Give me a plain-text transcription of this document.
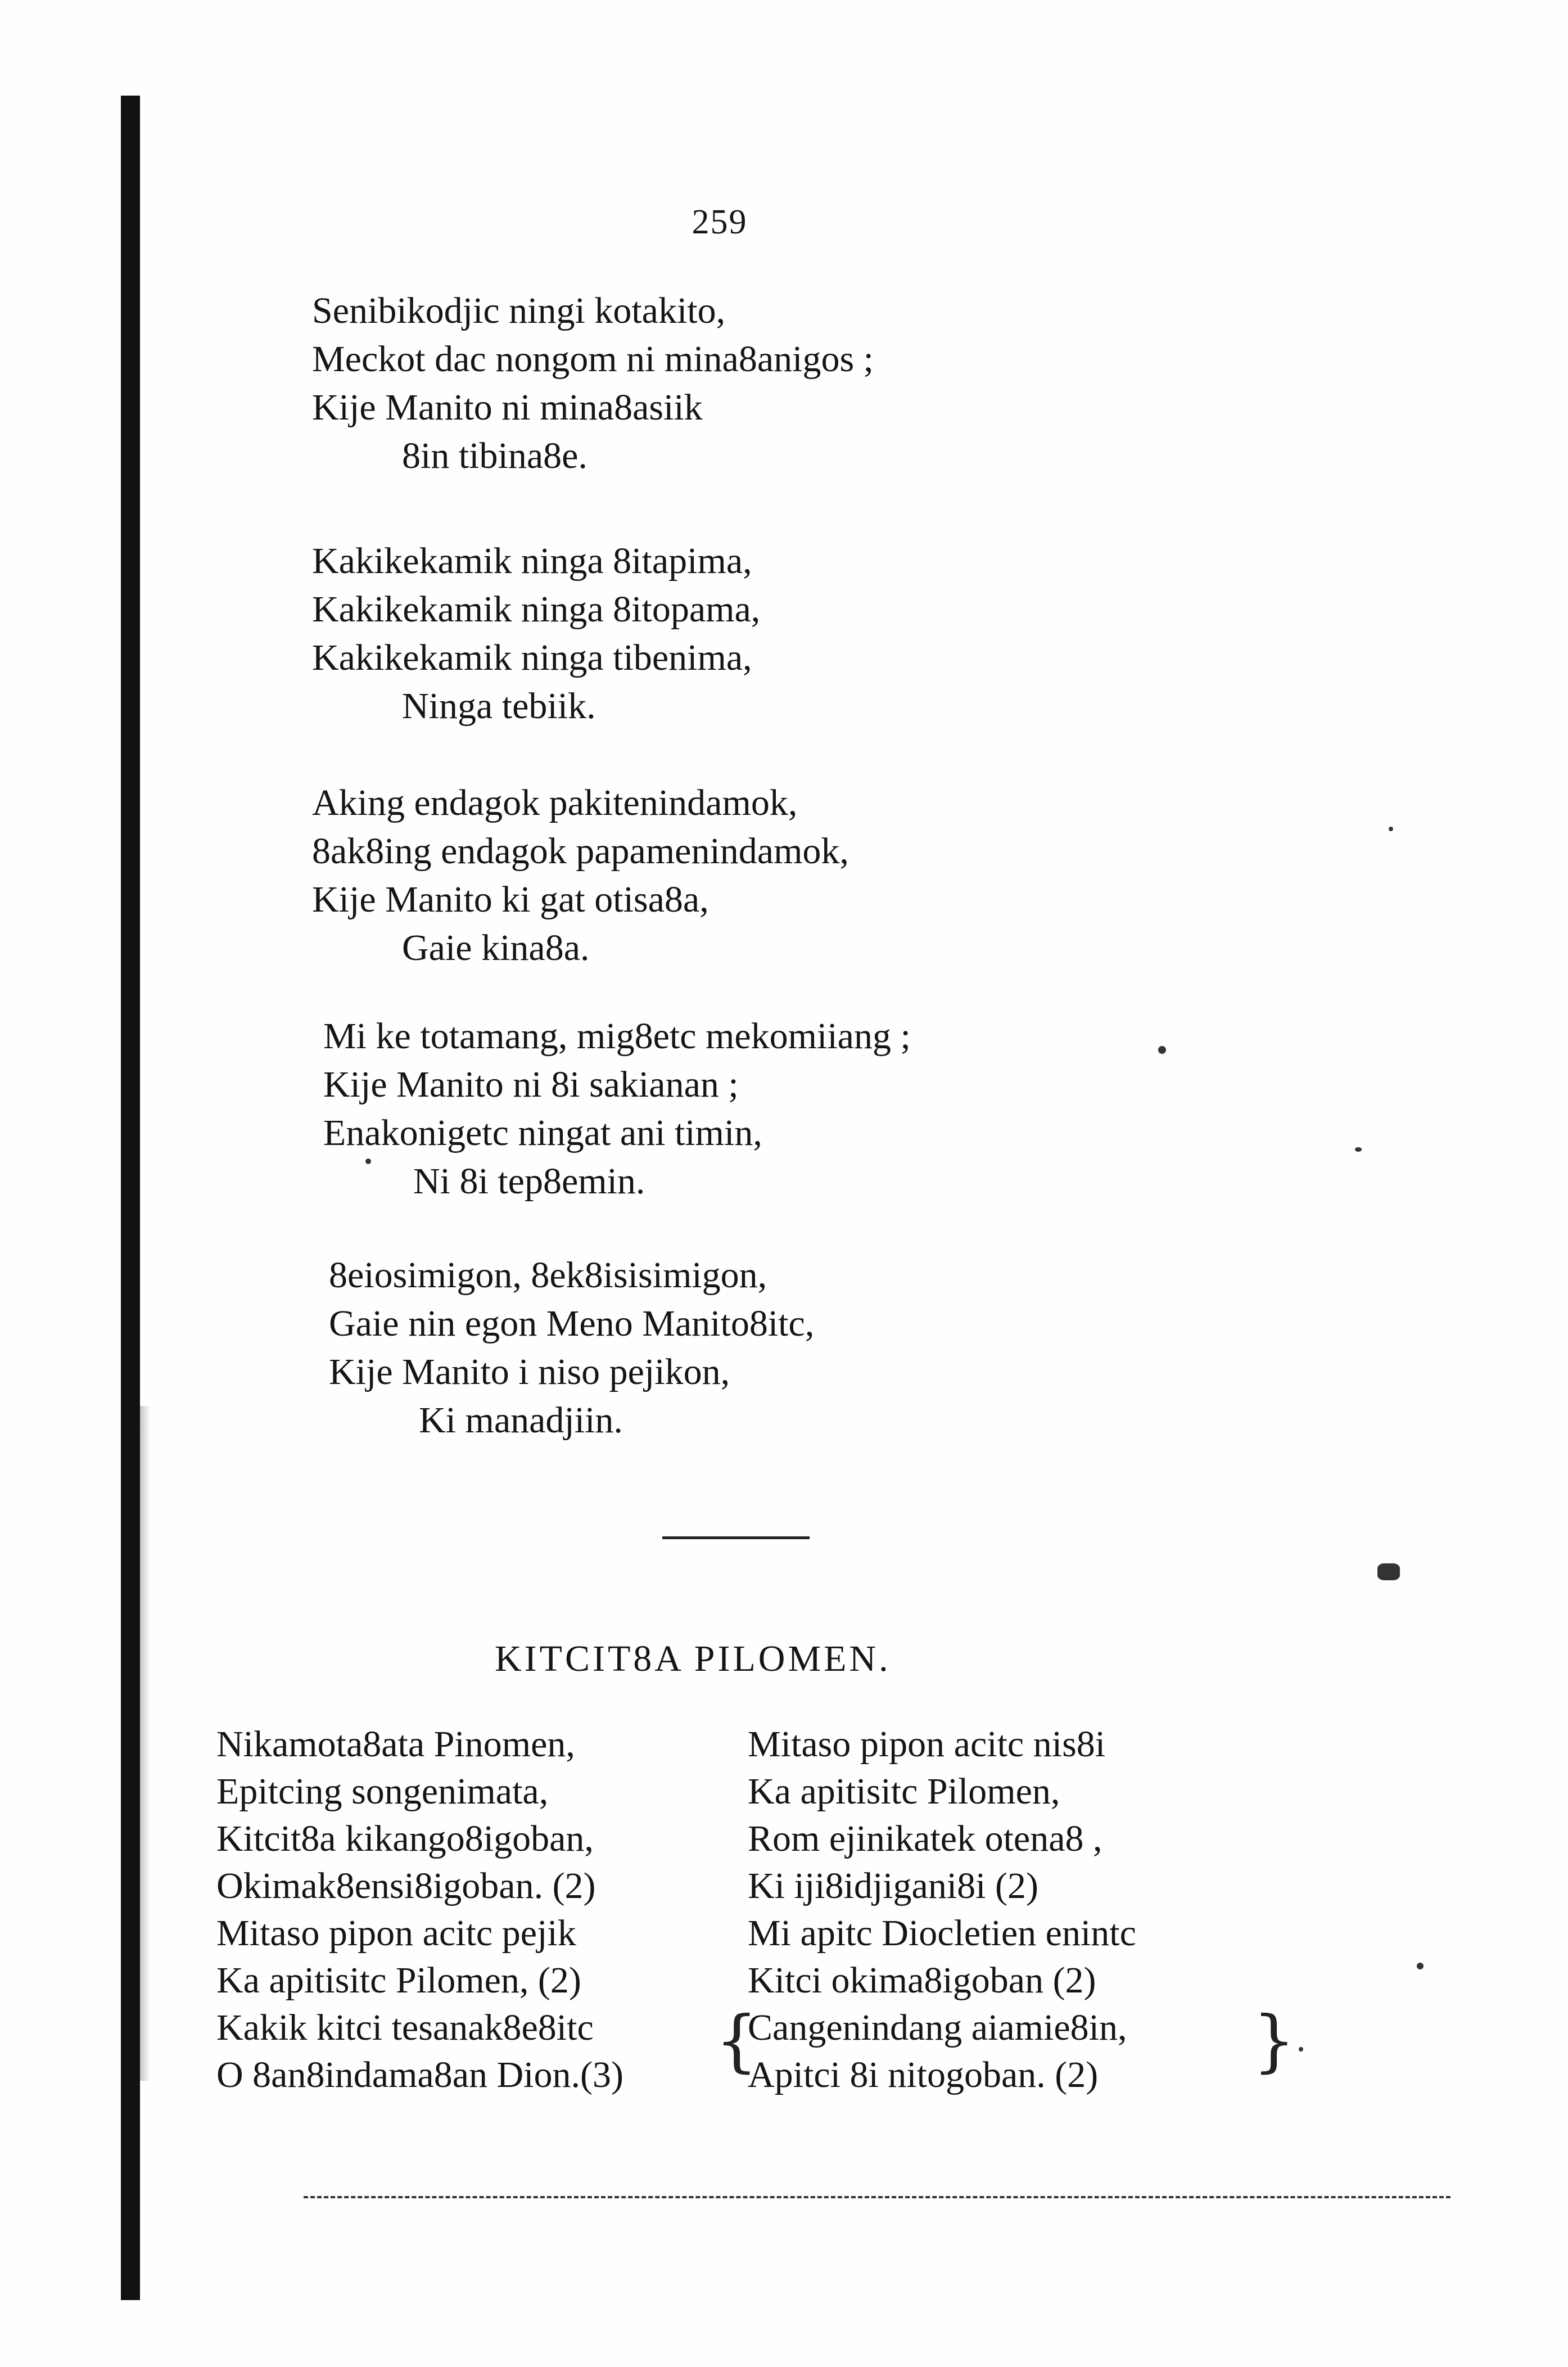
259
Senibikodjic ningi kotakito,
Meckot dac nongom ni mina8anigos ;
Kije Manito ni mina8asiik
8in tibina8e.
Kakikekamik ninga 8itapima,
Kakikekamik ninga 8itopama,
Kakikekamik ninga tibenima,
Ninga tebiik.
Aking endagok pakitenindamok,
8ak8ing endagok papamenindamok,
Kije Manito ki gat otisa8a,
Gaie kina8a.
Mi ke totamang, mig8etc mekomiiang ;
Kije Manito ni 8i sakianan ;
Enakonigetc ningat ani timin,
Ni 8i tep8emin.
8eiosimigon, 8ek8isisimigon,
Gaie nin egon Meno Manito8itc,
Kije Manito i niso pejikon,
Ki manadjiin.
KITCIT8A PILOMEN.
Nikamota8ata Pinomen,
Epitcing songenimata,
Kitcit8a kikango8igoban,
Okimak8ensi8igoban. (2)
Mitaso pipon acitc pejik
Ka apitisitc Pilomen, (2)
Kakik kitci tesanak8e8itc
O 8an8indama8an Dion.(3) {	}
Mitaso pipon acitc nis8i
Ka apitisitc Pilomen,
Rom ejinikatek otena8 ,
Ki iji8idjigani8i (2)
Mi apitc Diocletien enintc
Kitci okima8igoban (2)
Cangenindang aiamie8in,
Apitci 8i nitogoban. (2)
